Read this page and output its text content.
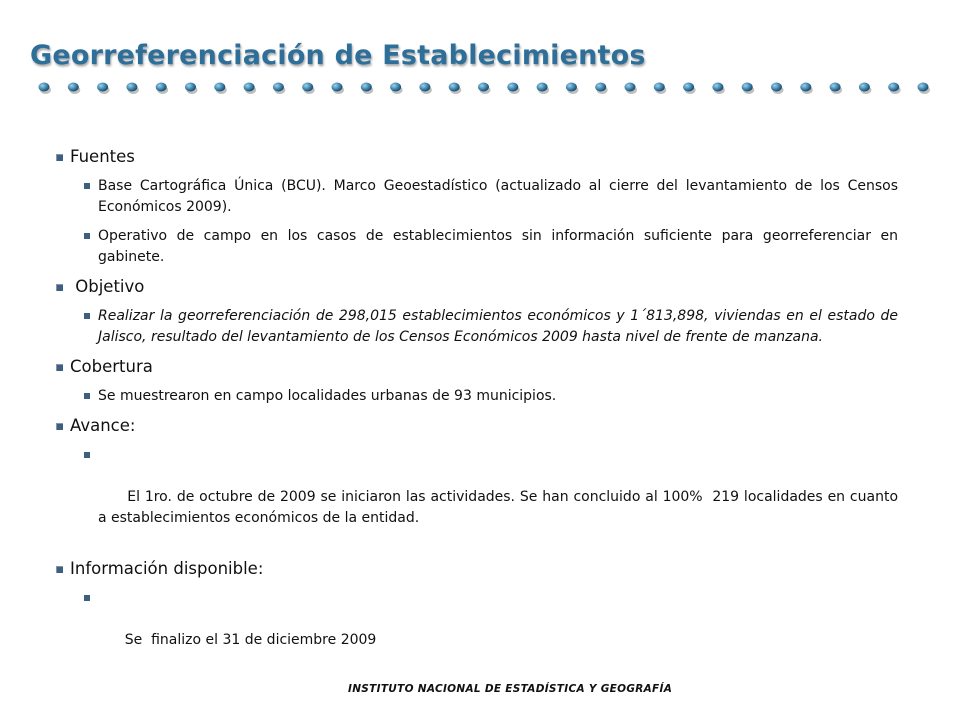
Georreferenciación de Establecimientos
Fuentes
Base Cartográfica Única (BCU). Marco Geoestadístico (actualizado al cierre del levantamiento de los Censos Económicos 2009).
Operativo de campo en los casos de establecimientos sin información suficiente para georreferenciar en gabinete.
Objetivo
Realizar la georreferenciación de 298,015 establecimientos económicos y 1´813,898, viviendas en el estado de Jalisco, resultado del levantamiento de los Censos Económicos 2009 hasta nivel de frente de manzana.
Cobertura
Se muestrearon en campo localidades urbanas de 93 municipios.
Avance:

El 1ro. de octubre de 2009 se iniciaron las actividades. Se han concluido al 100%  219 localidades en cuanto a establecimientos económicos de la entidad.

Información disponible:

Se  finalizo el 31 de diciembre 2009

INSTITUTO NACIONAL DE ESTADÍSTICA Y GEOGRAFÍA
